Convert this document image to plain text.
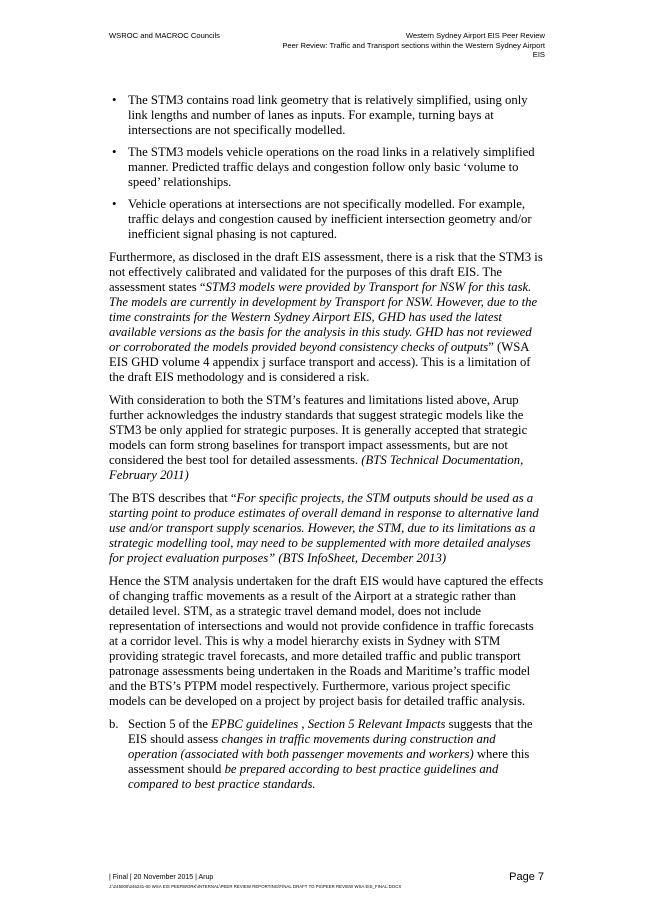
WSROC and MACROC Councils	Western Sydney Airport EIS Peer Review
Peer Review: Traffic and Transport sections within the Western Sydney Airport
EIS
• The STM3 contains road link geometry that is relatively simplified, using only link lengths and number of lanes as inputs. For example, turning bays at intersections are not specifically modelled.
• The STM3 models vehicle operations on the road links in a relatively simplified manner. Predicted traffic delays and congestion follow only basic ‘volume to speed’ relationships.
• Vehicle operations at intersections are not specifically modelled. For example, traffic delays and congestion caused by inefficient intersection geometry and/or inefficient signal phasing is not captured.

Furthermore, as disclosed in the draft EIS assessment, there is a risk that the STM3 is not effectively calibrated and validated for the purposes of this draft EIS. The assessment states “STM3 models were provided by Transport for NSW for this task. The models are currently in development by Transport for NSW. However, due to the time constraints for the Western Sydney Airport EIS, GHD has used the latest available versions as the basis for the analysis in this study. GHD has not reviewed or corroborated the models provided beyond consistency checks of outputs” (WSA EIS GHD volume 4 appendix j surface transport and access). This is a limitation of the draft EIS methodology and is considered a risk.

With consideration to both the STM’s features and limitations listed above, Arup further acknowledges the industry standards that suggest strategic models like the STM3 be only applied for strategic purposes. It is generally accepted that strategic models can form strong baselines for transport impact assessments, but are not considered the best tool for detailed assessments. (BTS Technical Documentation, February 2011)

The BTS describes that “For specific projects, the STM outputs should be used as a starting point to produce estimates of overall demand in response to alternative land use and/or transport supply scenarios. However, the STM, due to its limitations as a strategic modelling tool, may need to be supplemented with more detailed analyses for project evaluation purposes” (BTS InfoSheet, December 2013)

Hence the STM analysis undertaken for the draft EIS would have captured the effects of changing traffic movements as a result of the Airport at a strategic rather than detailed level. STM, as a strategic travel demand model, does not include representation of intersections and would not provide confidence in traffic forecasts at a corridor level. This is why a model hierarchy exists in Sydney with STM providing strategic travel forecasts, and more detailed traffic and public transport patronage assessments being undertaken in the Roads and Maritime’s traffic model and the BTS’s PTPM model respectively. Furthermore, various project specific models can be developed on a project by project basis for detailed traffic analysis.

b. Section 5 of the EPBC guidelines , Section 5 Relevant Impacts suggests that the EIS should assess changes in traffic movements during construction and operation (associated with both passenger movements and workers) where this assessment should be prepared according to best practice guidelines and compared to best practice standards.

| Final | 20 November 2015 | Arup
J:\245000\246241-00 WSA EIS PEERWORK\INTERNAL\PEER REVIEW REPORTING\FINAL DRAFT TO PS\PEER REVIEW WSA EIS_FINAL.DOCX
Page 7
